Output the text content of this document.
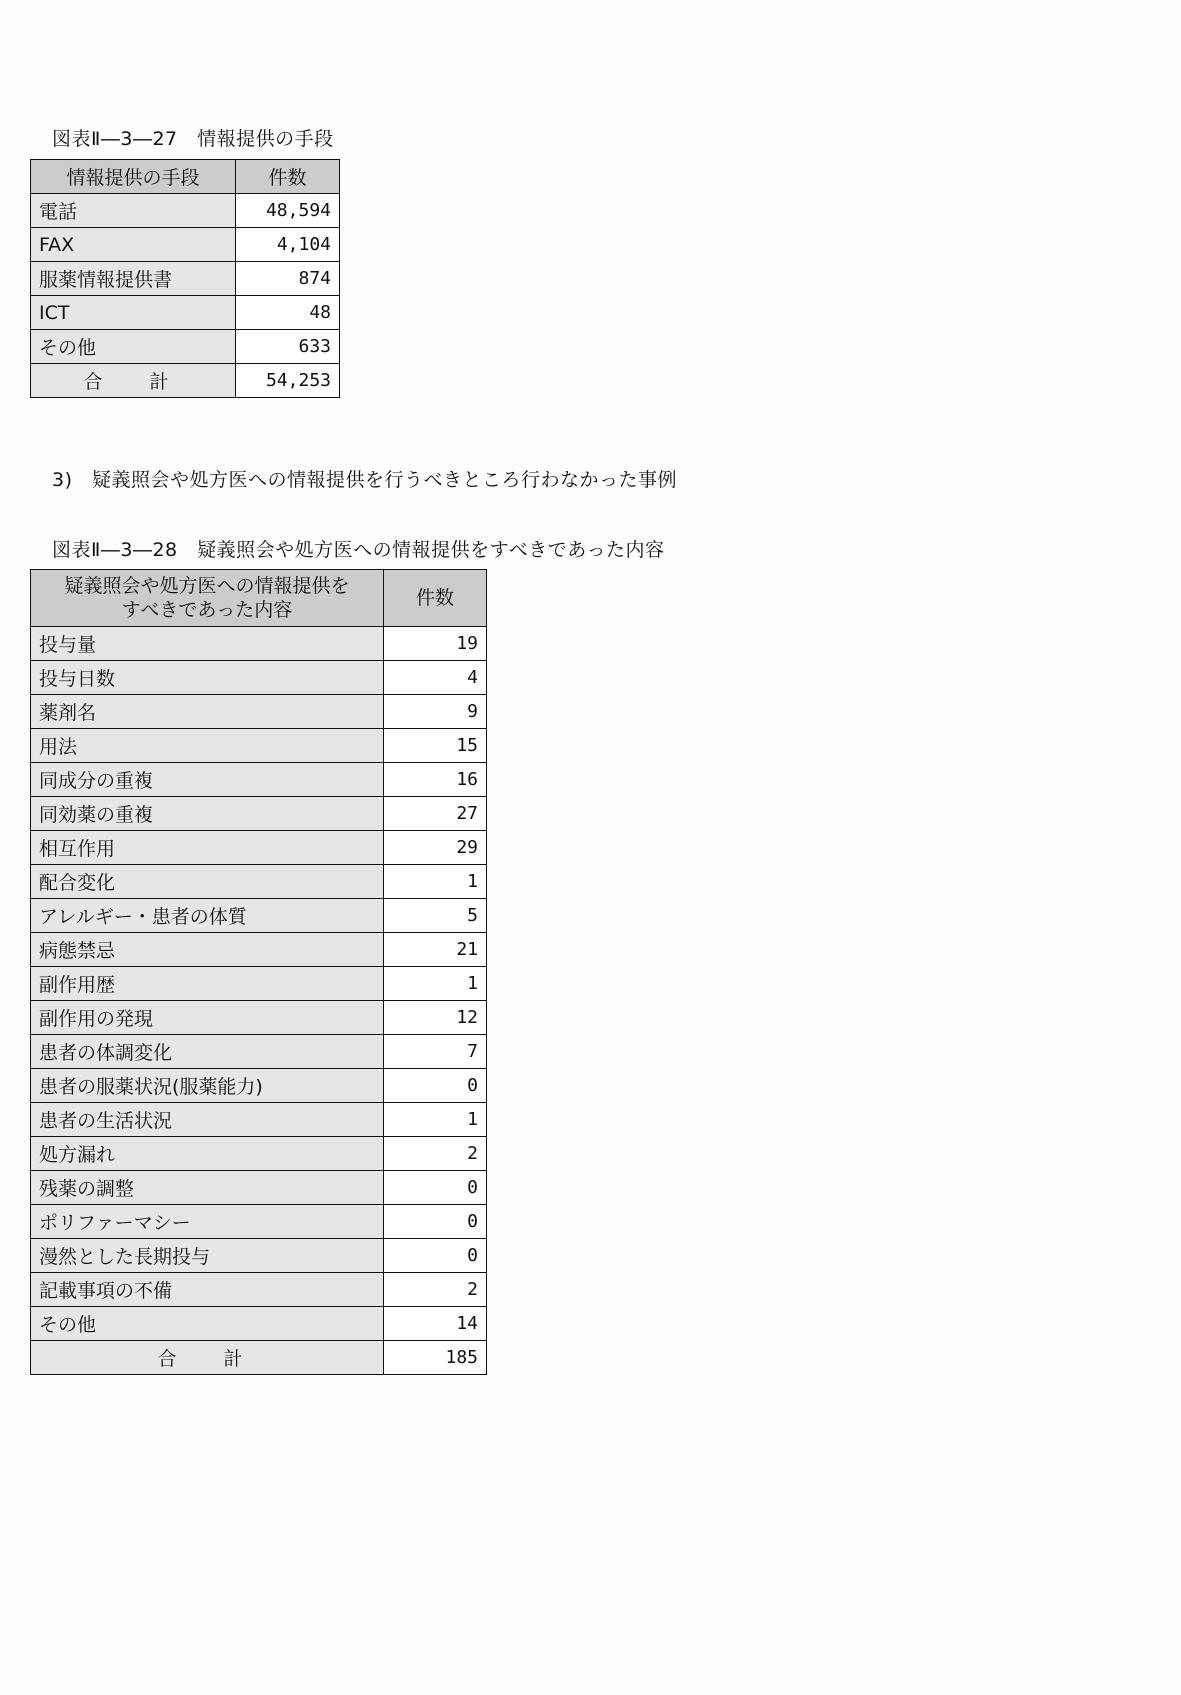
図表Ⅱ―3―27　情報提供の手段
情報提供の手段	件数
電話	48,594
FAX	4,104
服薬情報提供書	874
ICT	48
その他	633
合　計	54,253
3)　疑義照会や処方医への情報提供を行うべきところ行わなかった事例
図表Ⅱ―3―28　疑義照会や処方医への情報提供をすべきであった内容
疑義照会や処方医への情報提供を
すべきであった内容	件数
投与量	19
投与日数	4
薬剤名	9
用法	15
同成分の重複	16
同効薬の重複	27
相互作用	29
配合変化	1
アレルギー・患者の体質	5
病態禁忌	21
副作用歴	1
副作用の発現	12
患者の体調変化	7
患者の服薬状況(服薬能力)	0
患者の生活状況	1
処方漏れ	2
残薬の調整	0
ポリファーマシー	0
漫然とした長期投与	0
記載事項の不備	2
その他	14
合　計	185
